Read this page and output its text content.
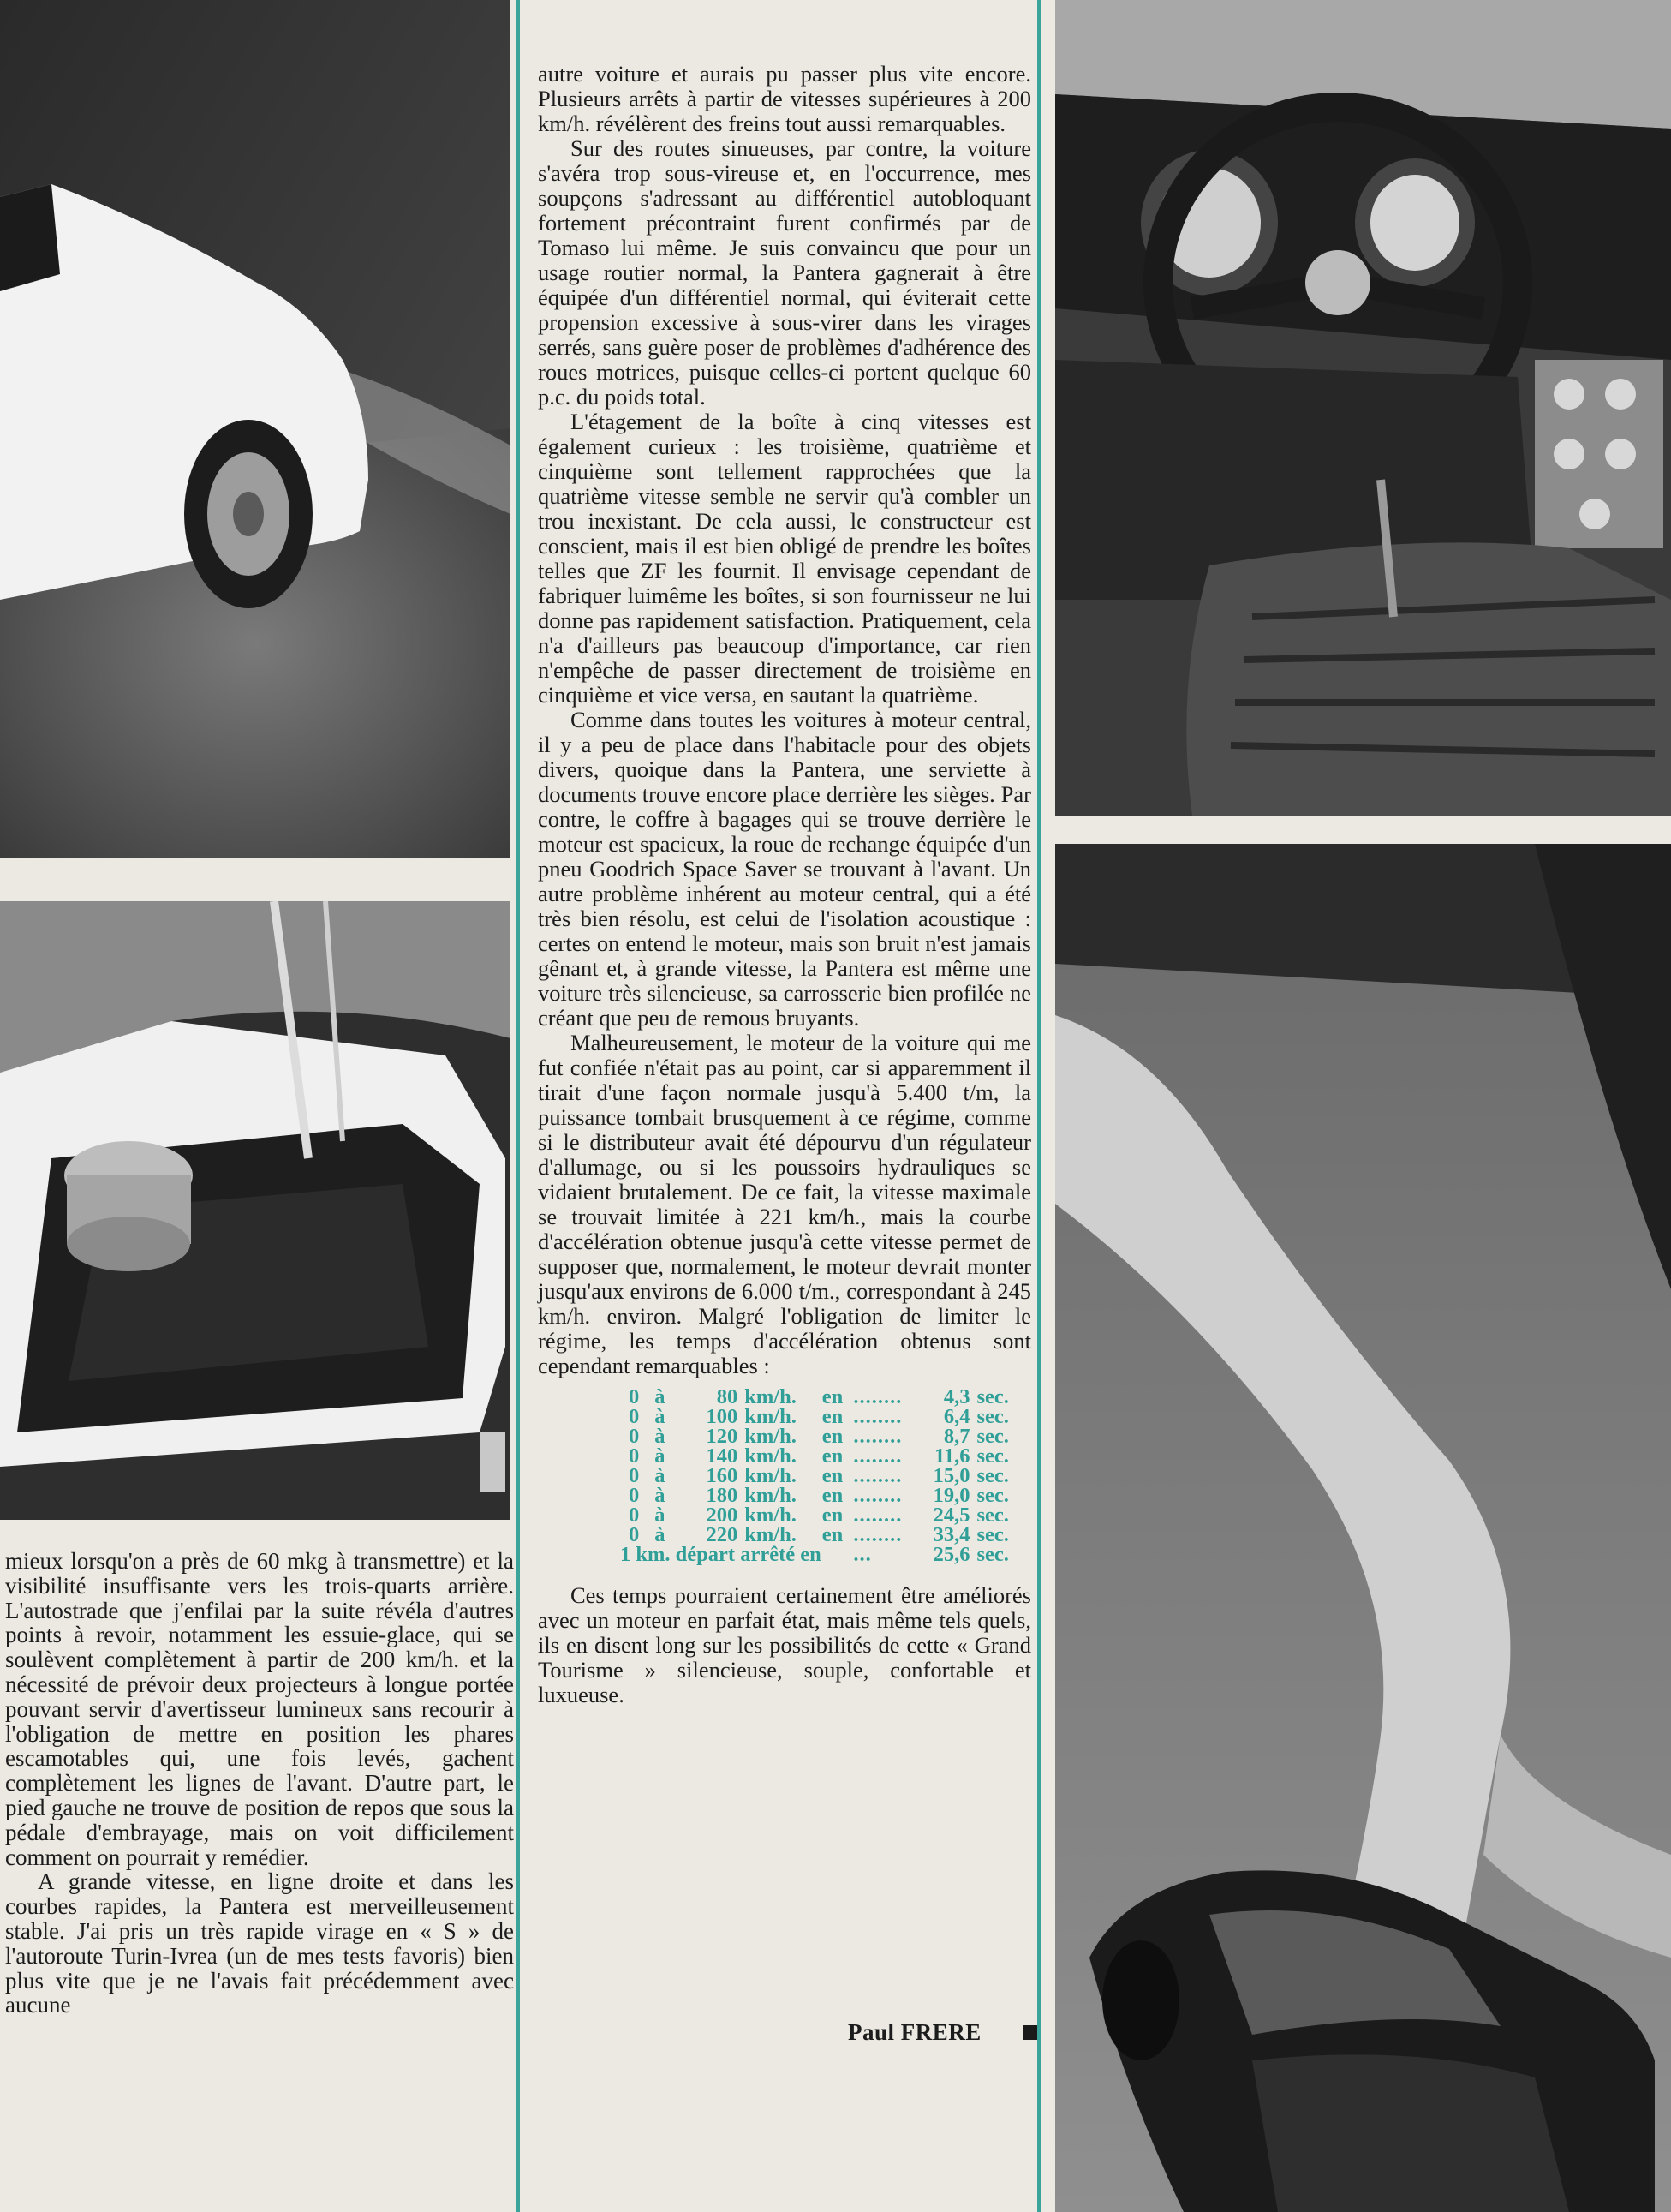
mieux lorsqu'on a près de 60 mkg à transmettre) et la visibilité insuffisante vers les trois-quarts arrière. L'autostrade que j'enfilai par la suite révéla d'autres points à revoir, notamment les essuie-glace, qui se soulèvent complètement à partir de 200 km/h. et la nécessité de prévoir deux projecteurs à longue portée pouvant servir d'avertisseur lumineux sans recourir à l'obligation de mettre en position les phares escamotables qui, une fois levés, gachent complètement les lignes de l'avant. D'autre part, le pied gauche ne trouve de position de repos que sous la pédale d'embrayage, mais on voit difficilement comment on pourrait y remédier.

A grande vitesse, en ligne droite et dans les courbes rapides, la Pantera est merveilleusement stable. J'ai pris un très rapide virage en « S » de l'autoroute Turin-Ivrea (un de mes tests favoris) bien plus vite que je ne l'avais fait précédemment avec aucune

autre voiture et aurais pu passer plus vite encore. Plusieurs arrêts à partir de vitesses supérieures à 200 km/h. révélèrent des freins tout aussi remarquables.

Sur des routes sinueuses, par contre, la voiture s'avéra trop sous-vireuse et, en l'occurrence, mes soupçons s'adressant au différentiel autobloquant fortement précontraint furent confirmés par de Tomaso lui même. Je suis convaincu que pour un usage routier normal, la Pantera gagnerait à être équipée d'un différentiel normal, qui éviterait cette propension excessive à sous-virer dans les virages serrés, sans guère poser de problèmes d'adhérence des roues motrices, puisque celles-ci portent quelque 60 p.c. du poids total.

L'étagement de la boîte à cinq vitesses est également curieux : les troisième, quatrième et cinquième sont tellement rapprochées que la quatrième vitesse semble ne servir qu'à combler un trou inexistant. De cela aussi, le constructeur est conscient, mais il est bien obligé de prendre les boîtes telles que ZF les fournit. Il envisage cependant de fabriquer luimême les boîtes, si son fournisseur ne lui donne pas rapidement satisfaction. Pratiquement, cela n'a d'ailleurs pas beaucoup d'importance, car rien n'empêche de passer directement de troisième en cinquième et vice versa, en sautant la quatrième.

Comme dans toutes les voitures à moteur central, il y a peu de place dans l'habitacle pour des objets divers, quoique dans la Pantera, une serviette à documents trouve encore place derrière les sièges. Par contre, le coffre à bagages qui se trouve derrière le moteur est spacieux, la roue de rechange équipée d'un pneu Goodrich Space Saver se trouvant à l'avant. Un autre problème inhérent au moteur central, qui a été très bien résolu, est celui de l'isolation acoustique : certes on entend le moteur, mais son bruit n'est jamais gênant et, à grande vitesse, la Pantera est même une voiture très silencieuse, sa carrosserie bien profilée ne créant que peu de remous bruyants.

Malheureusement, le moteur de la voiture qui me fut confiée n'était pas au point, car si apparemment il tirait d'une façon normale jusqu'à 5.400 t/m, la puissance tombait brusquement à ce régime, comme si le distributeur avait été dépourvu d'un régulateur d'allumage, ou si les poussoirs hydrauliques se vidaient brutalement. De ce fait, la vitesse maximale se trouvait limitée à 221 km/h., mais la courbe d'accélération obtenue jusqu'à cette vitesse permet de supposer que, normalement, le moteur devrait monter jusqu'aux environs de 6.000 t/m., correspondant à 245 km/h. environ. Malgré l'obligation de limiter le régime, les temps d'accélération obtenus sont cependant remarquables :

0	à	80	km/h.	en	........	4,3	sec.
0	à	100	km/h.	en	........	6,4	sec.
0	à	120	km/h.	en	........	8,7	sec.
0	à	140	km/h.	en	........	11,6	sec.
0	à	160	km/h.	en	........	15,0	sec.
0	à	180	km/h.	en	........	19,0	sec.
0	à	200	km/h.	en	........	24,5	sec.
0	à	220	km/h.	en	........	33,4	sec.
1 km. départ arrêté en					...	25,6	sec.

Ces temps pourraient certainement être améliorés avec un moteur en parfait état, mais même tels quels, ils en disent long sur les possibilités de cette « Grand Tourisme » silencieuse, souple, confortable et luxueuse.

Paul FRERE
